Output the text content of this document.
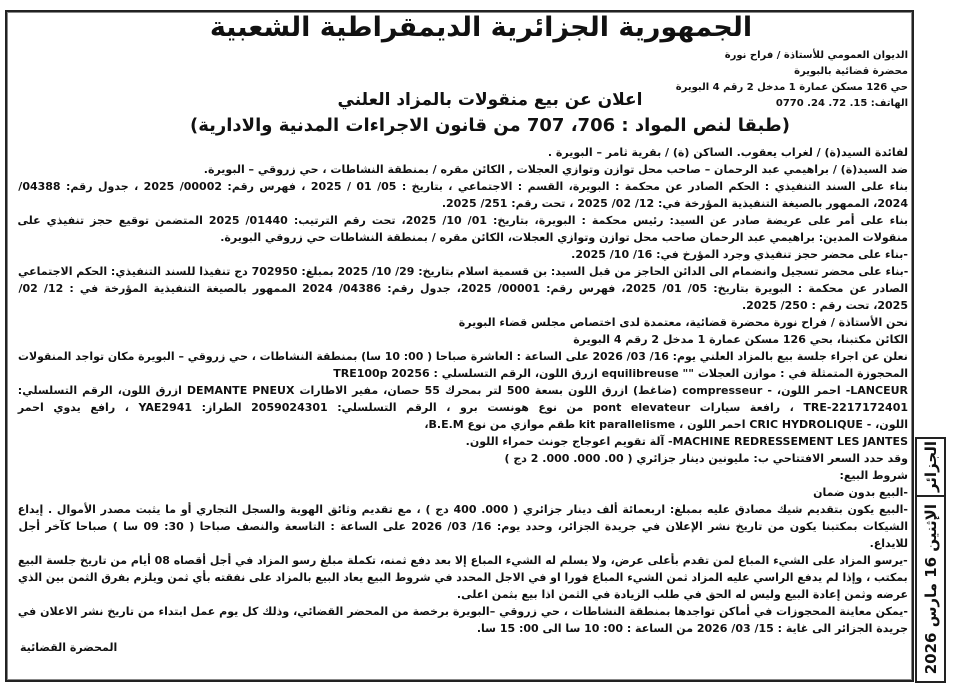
الجمهورية الجزائرية الديمقراطية الشعبية
الديوان العمومي للأستاذة / فراح نورة
محضرة قضائية بالبويرة
حي 126 مسكن عمارة 1 مدخل 2 رقم 4 البويرة
الهاتف: 15. 72. 24. 0770
اعلان عن بيع منقولات بالمزاد العلني
(طبقا لنص المواد : 706، 707 من قانون الاجراءات المدنية والادارية)
لفائدة السيد(ة) / لغراب يعقوب. الساكن (ة) / بقرية ثامر – البويرة .
ضد السيد(ة) / براهيمي عبد الرحمان – صاحب محل توازن وتوازي العجلات , الكائن مقره / بمنطقة النشاطات ، حي زروقي – البويرة.
بناء على السند التنفيذي : الحكم الصادر عن محكمة : البويرة، القسم : الاجتماعي ، بتاريخ : 05/ 01 / 2025 ، فهرس رقم: 00002/ 2025 ، جدول رقم: 04388/
2024، الممهور بالصيغة التنفيذية المؤرخة في: 12/ 02/ 2025 ، تحت رقم: 251/ 2025.
بناء على أمر على عريضة صادر عن السيد: رئيس محكمة : البويرة، بتاريخ: 01/ 10/ 2025، تحت رقم الترتيب: 01440/ 2025 المتضمن توقيع حجز تنفيذي على
منقولات المدين: براهيمي عبد الرحمان صاحب محل توازن وتوازي العجلات، الكائن مقره / بمنطقة النشاطات حي زروقي البويرة.
-بناء على محضر حجز تنفيذي وجرد المؤرخ في: 16/ 10/ 2025.
-بناء على محضر تسجيل وانضمام الى الدائن الحاجز من قبل السيد: بن قسمية اسلام بتاريخ: 29/ 10/ 2025 بمبلغ: 702950 دج تنفيذا للسند التنفيذي: الحكم الاجتماعي
الصادر عن محكمة : البويرة بتاريخ: 05/ 01/ 2025، فهرس رقم: 00001/ 2025، جدول رقم: 04386/ 2024 الممهور بالصيغة التنفيذية المؤرخة في : 12/ 02/
2025، تحت رقم : 250/ 2025.
نحن الأستاذة / فراح نورة محضرة قضائية، معتمدة لدى اختصاص مجلس قضاء البويرة
الكائن مكتبنا، بحي 126 مسكن عمارة 1 مدخل 2 رقم 4 البويرة
نعلن عن اجراء جلسة بيع بالمزاد العلني يوم: 16/ 03/ 2026 على الساعة : العاشرة صباحا ( 00: 10 سا) بمنطقة النشاطات ، حي زروقي – البويرة مكان تواجد المنقولات
المحجوزة المتمثلة في : موازن العجلات "" equilibreuse ازرق اللون، الرقم التسلسلي : TRE100p 20256
LANCEUR- احمر اللون، - compresseur (ضاغط) ازرق اللون بسعة 500 لتر بمحرك 55 حصان، مفير الاطارات DEMANTE PNEUX ازرق اللون، الرقم التسلسلي:
TRE-2217172401 ، رافعة سيارات pont elevateur من نوع هونست برو ، الرقم التسلسلي: 2059024301 الطراز: YAE2941 ، رافع يدوي احمر
اللون، - CRIC HYDROLIQUE احمر اللون ، kit parallelisme طقم موازي من نوع B.E.M،
MACHINE REDRESSEMENT LES JANTES- آلة تقويم اعوجاج جونث حمراء اللون.
وقد حدد السعر الافتتاحي ب: مليونين دينار جزائري ( 00. 000. 000. 2 دج )
شروط البيع:
-البيع بدون ضمان
-البيع يكون بتقديم شيك مصادق عليه بمبلغ: اربعمائة ألف دينار جزائري ( 000. 400 دج ) ، مع تقديم وثائق الهوية والسجل التجاري أو ما يثبت مصدر الأموال . إيداع
الشيكات بمكتبنا يكون من تاريخ نشر الإعلان في جريدة الجزائر، وحدد يوم: 16/ 03/ 2026 على الساعة : التاسعة والنصف صباحا ( 30: 09 سا ) صباحا كآخر أجل
للايداع.
-يرسو المزاد على الشيء المباع لمن تقدم بأعلى عرض، ولا يسلم له الشيء المباع إلا بعد دفع ثمنه، تكملة مبلغ رسو المزاد في أجل أقصاه 08 أيام من تاريخ جلسة البيع
بمكتب ، وإذا لم يدفع الراسي عليه المزاد ثمن الشيء المباع فورا او في الاجل المحدد في شروط البيع يعاد البيع بالمزاد على نفقته بأي ثمن ويلزم بفرق الثمن بين الذي
عرضه وثمن إعادة البيع وليس له الحق في طلب الزيادة في الثمن اذا بيع بثمن اعلى.
-يمكن معاينة المحجوزات في أماكن تواجدها بمنطقة النشاطات ، حي زروقي –البويرة برخصة من المحضر القضائي، وذلك كل يوم عمل ابتداء من تاريخ نشر الاعلان في
جريدة الجزائر الى غاية : 15/ 03/ 2026 من الساعة : 00: 10 سا الى 00: 15 سا.
المحضرة القضائية
الجزائر
الإثنين 16 مارس 2026
